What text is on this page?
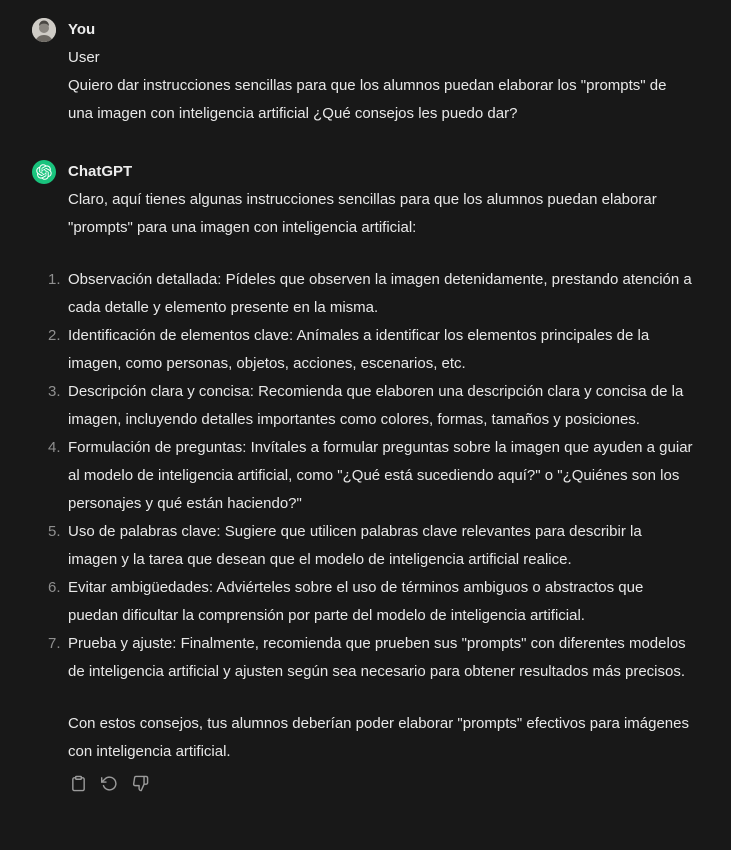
You
User

Quiero dar instrucciones sencillas para que los alumnos puedan elaborar los "prompts" de una imagen con inteligencia artificial ¿Qué consejos les puedo dar?

ChatGPT

Claro, aquí tienes algunas instrucciones sencillas para que los alumnos puedan elaborar "prompts" para una imagen con inteligencia artificial:

1. Observación detallada: Pídeles que observen la imagen detenidamente, prestando atención a cada detalle y elemento presente en la misma.
2. Identificación de elementos clave: Anímales a identificar los elementos principales de la imagen, como personas, objetos, acciones, escenarios, etc.
3. Descripción clara y concisa: Recomienda que elaboren una descripción clara y concisa de la imagen, incluyendo detalles importantes como colores, formas, tamaños y posiciones.
4. Formulación de preguntas: Invítales a formular preguntas sobre la imagen que ayuden a guiar al modelo de inteligencia artificial, como "¿Qué está sucediendo aquí?" o "¿Quiénes son los personajes y qué están haciendo?"
5. Uso de palabras clave: Sugiere que utilicen palabras clave relevantes para describir la imagen y la tarea que desean que el modelo de inteligencia artificial realice.
6. Evitar ambigüedades: Adviérteles sobre el uso de términos ambiguos o abstractos que puedan dificultar la comprensión por parte del modelo de inteligencia artificial.
7. Prueba y ajuste: Finalmente, recomienda que prueben sus "prompts" con diferentes modelos de inteligencia artificial y ajusten según sea necesario para obtener resultados más precisos.

Con estos consejos, tus alumnos deberían poder elaborar "prompts" efectivos para imágenes con inteligencia artificial.
